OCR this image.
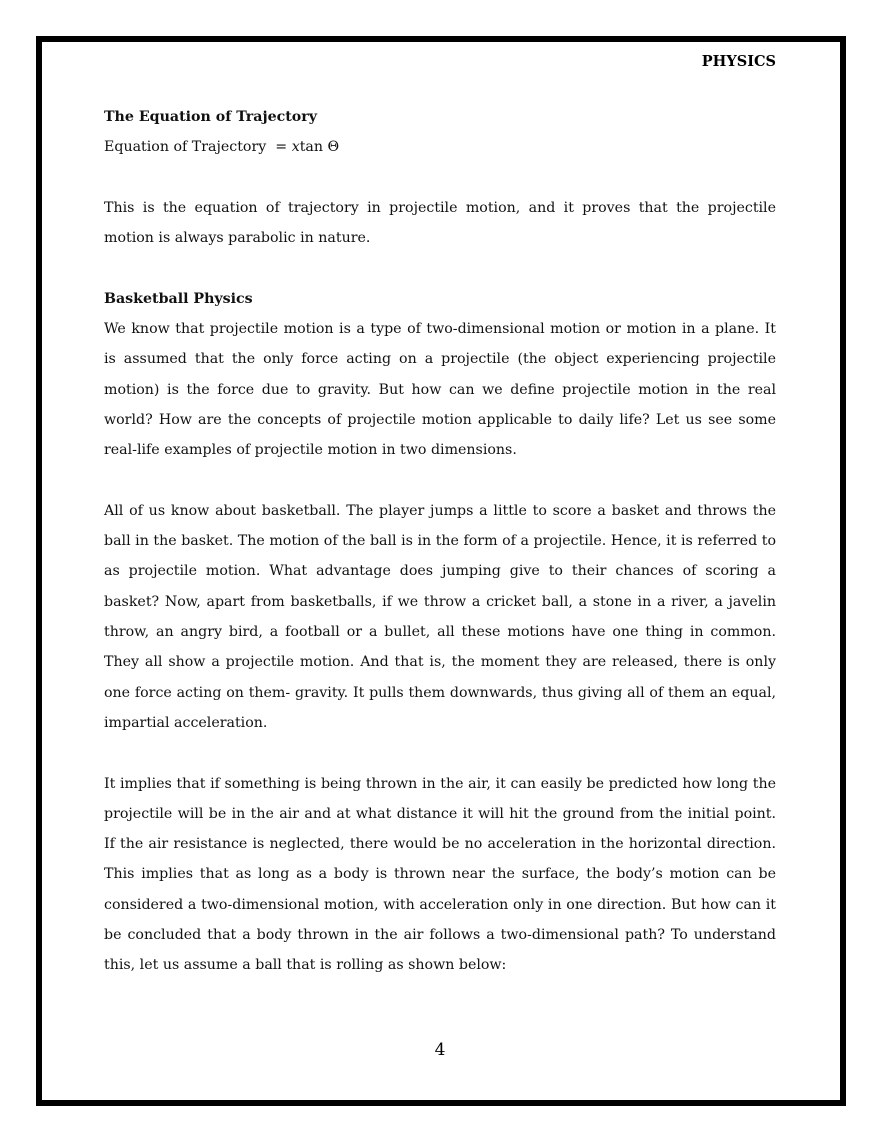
PHYSICS

The Equation of Trajectory

Equation of Trajectory = xtan Θ

This is the equation of trajectory in projectile motion, and it proves that the projectile motion is always parabolic in nature.

Basketball Physics

We know that projectile motion is a type of two-dimensional motion or motion in a plane. It is assumed that the only force acting on a projectile (the object experiencing projectile motion) is the force due to gravity. But how can we define projectile motion in the real world? How are the concepts of projectile motion applicable to daily life? Let us see some real-life examples of projectile motion in two dimensions.

All of us know about basketball. The player jumps a little to score a basket and throws the ball in the basket. The motion of the ball is in the form of a projectile. Hence, it is referred to as projectile motion. What advantage does jumping give to their chances of scoring a basket? Now, apart from basketballs, if we throw a cricket ball, a stone in a river, a javelin throw, an angry bird, a football or a bullet, all these motions have one thing in common. They all show a projectile motion. And that is, the moment they are released, there is only one force acting on them- gravity. It pulls them downwards, thus giving all of them an equal, impartial acceleration.

It implies that if something is being thrown in the air, it can easily be predicted how long the projectile will be in the air and at what distance it will hit the ground from the initial point. If the air resistance is neglected, there would be no acceleration in the horizontal direction. This implies that as long as a body is thrown near the surface, the body’s motion can be considered a two-dimensional motion, with acceleration only in one direction. But how can it be concluded that a body thrown in the air follows a two-dimensional path? To understand this, let us assume a ball that is rolling as shown below:

4
